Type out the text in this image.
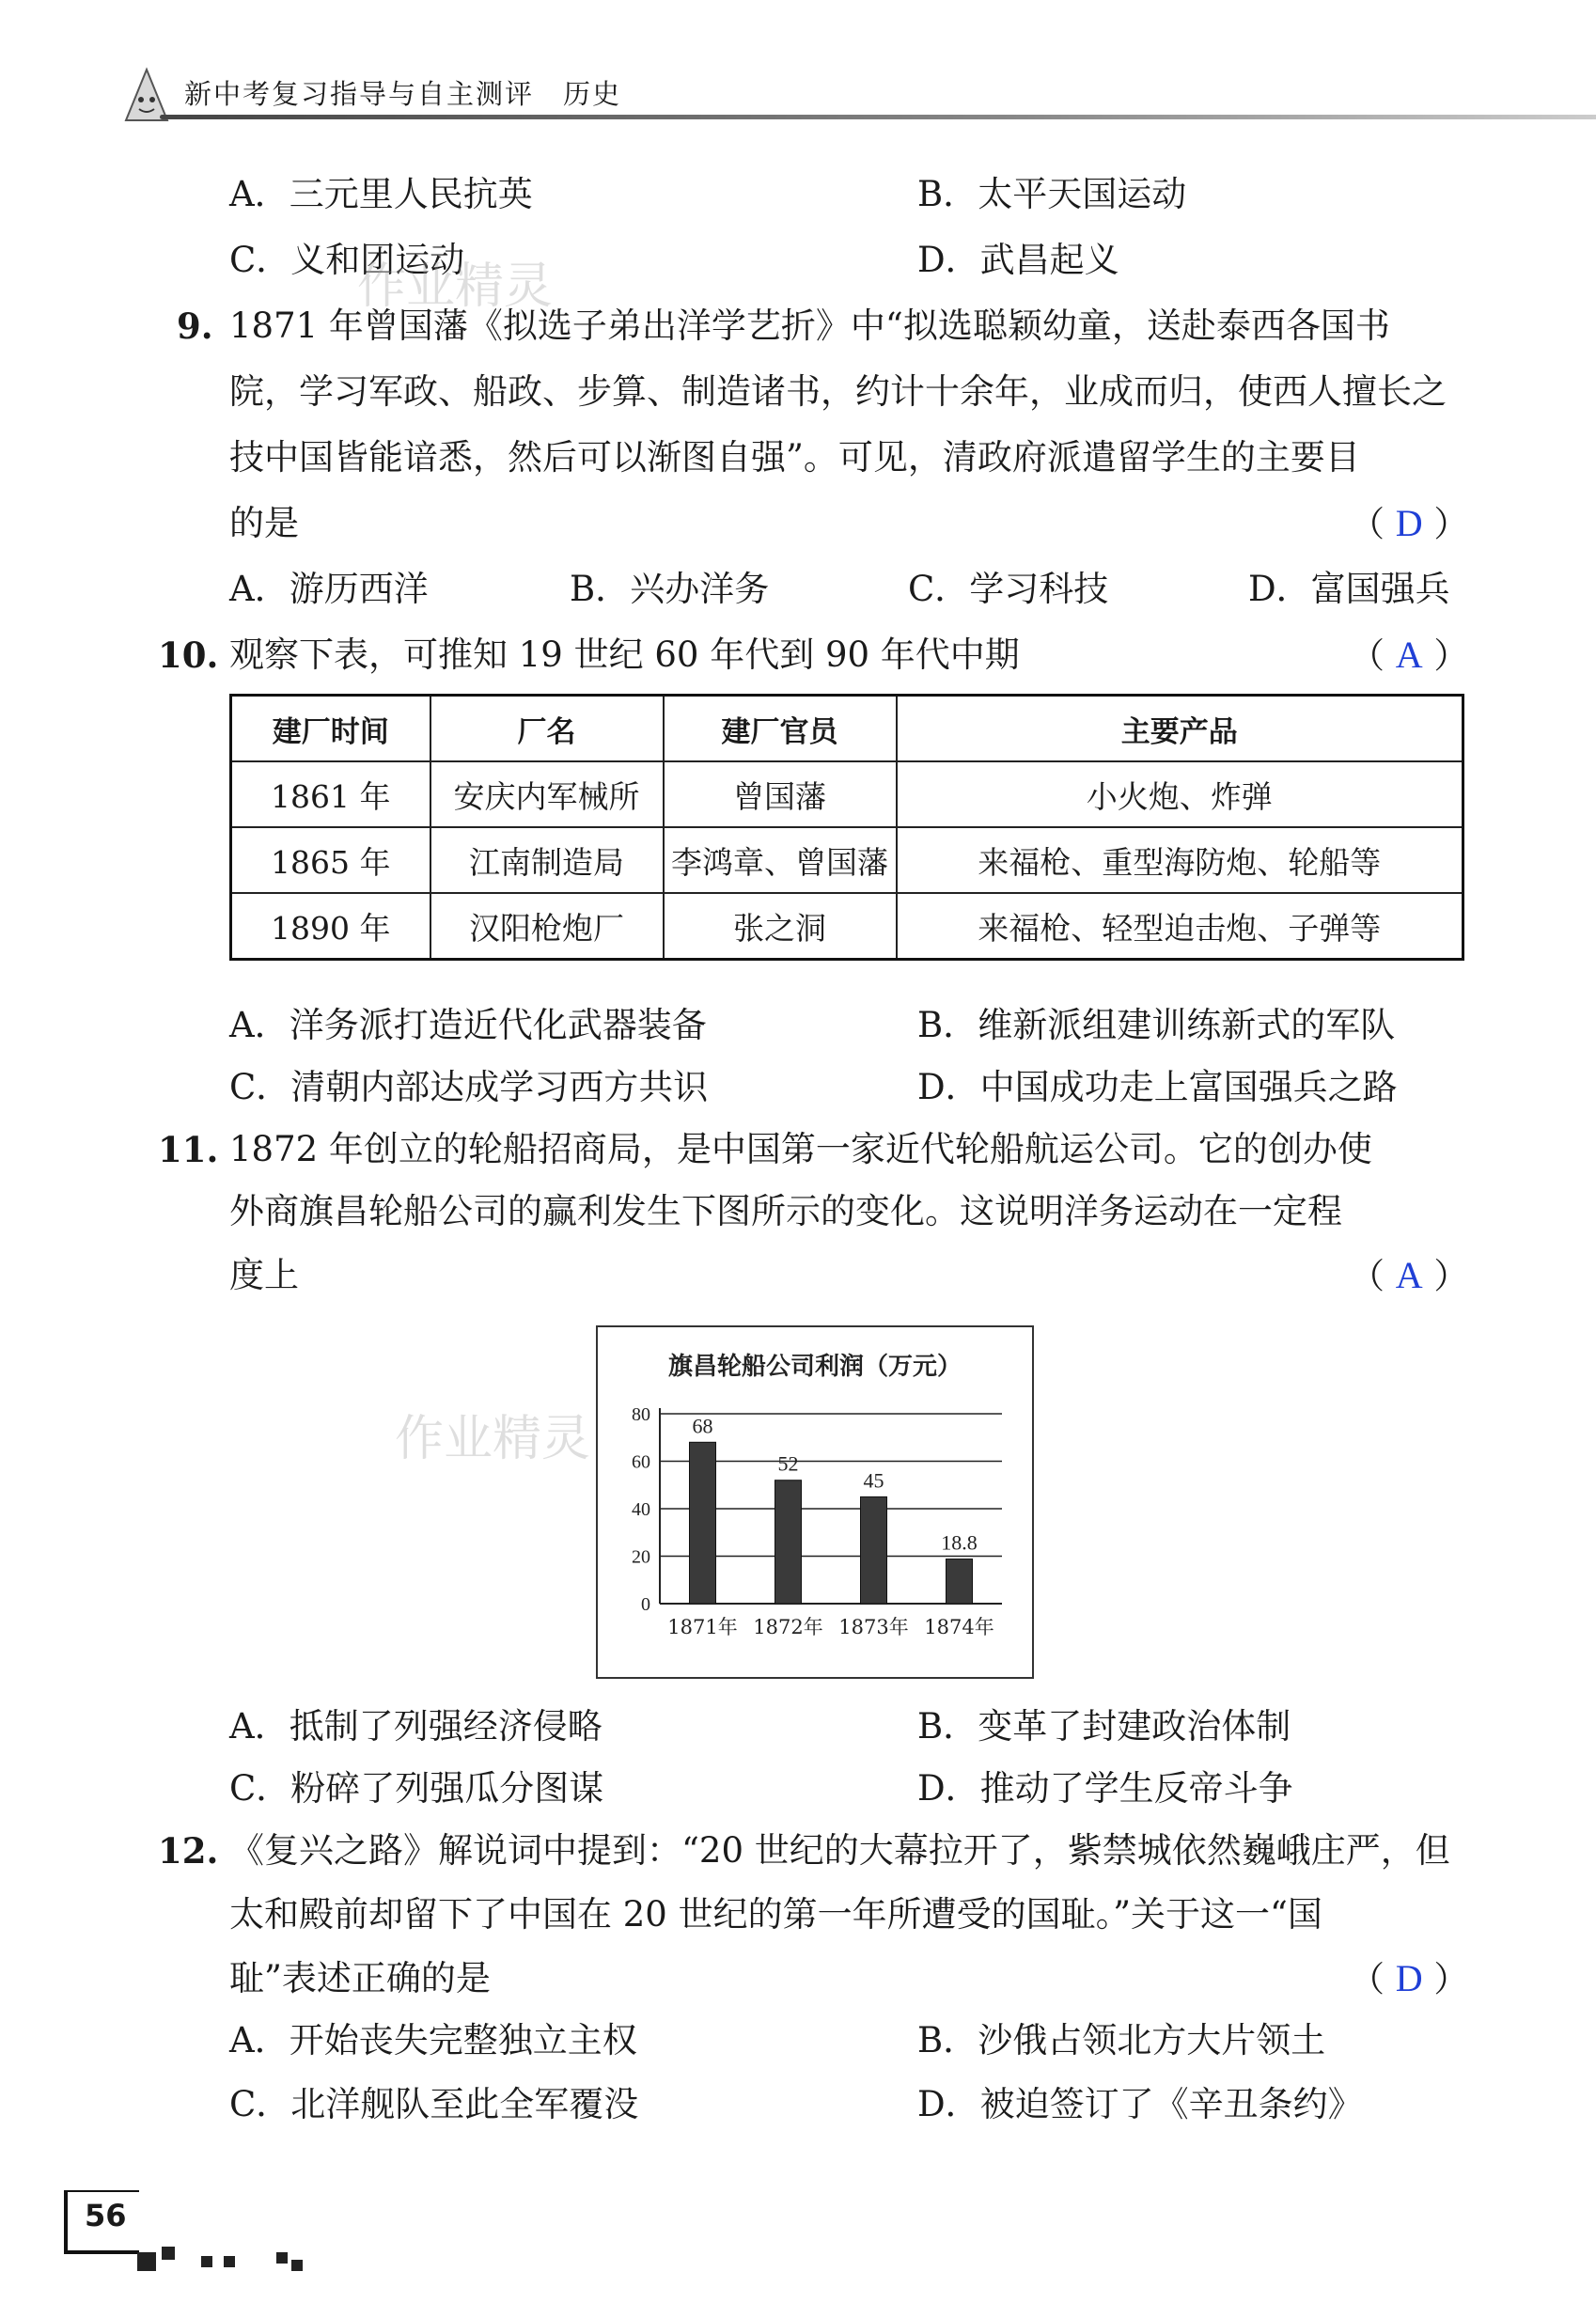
新中考复习指导与自主测评　历史
A．三元里人民抗英	B．太平天国运动
C．义和团运动	D．武昌起义
作业精灵
9. 1871 年曾国藩《拟选子弟出洋学艺折》中“拟选聪颖幼童，送赴泰西各国书
院，学习军政、船政、步算、制造诸书，约计十余年，业成而归，使西人擅长之
技中国皆能谙悉，然后可以渐图自强”。可见，清政府派遣留学生的主要目
的是	（ D ）
A．游历西洋	B．兴办洋务	C．学习科技	D．富国强兵
10. 观察下表，可推知 19 世纪 60 年代到 90 年代中期	（ A ）
建厂时间	厂名	建厂官员	主要产品
1861 年	安庆内军械所	曾国藩	小火炮、炸弹
1865 年	江南制造局	李鸿章、曾国藩	来福枪、重型海防炮、轮船等
1890 年	汉阳枪炮厂	张之洞	来福枪、轻型迫击炮、子弹等
A．洋务派打造近代化武器装备	B．维新派组建训练新式的军队
C．清朝内部达成学习西方共识	D．中国成功走上富国强兵之路
11. 1872 年创立的轮船招商局，是中国第一家近代轮船航运公司。它的创办使
外商旗昌轮船公司的赢利发生下图所示的变化。这说明洋务运动在一定程
度上	（ A ）
旗昌轮船公司利润（万元）
68
52
45
18.8
0
20
40
60
80
1871年 1872年 1873年 1874年
作业精灵
A．抵制了列强经济侵略	B．变革了封建政治体制
C．粉碎了列强瓜分图谋	D．推动了学生反帝斗争
12. 《复兴之路》解说词中提到：“20 世纪的大幕拉开了，紫禁城依然巍峨庄严，但
太和殿前却留下了中国在 20 世纪的第一年所遭受的国耻。”关于这一“国
耻”表述正确的是	（ D ）
A．开始丧失完整独立主权	B．沙俄占领北方大片领土
C．北洋舰队至此全军覆没	D．被迫签订了《辛丑条约》
56
